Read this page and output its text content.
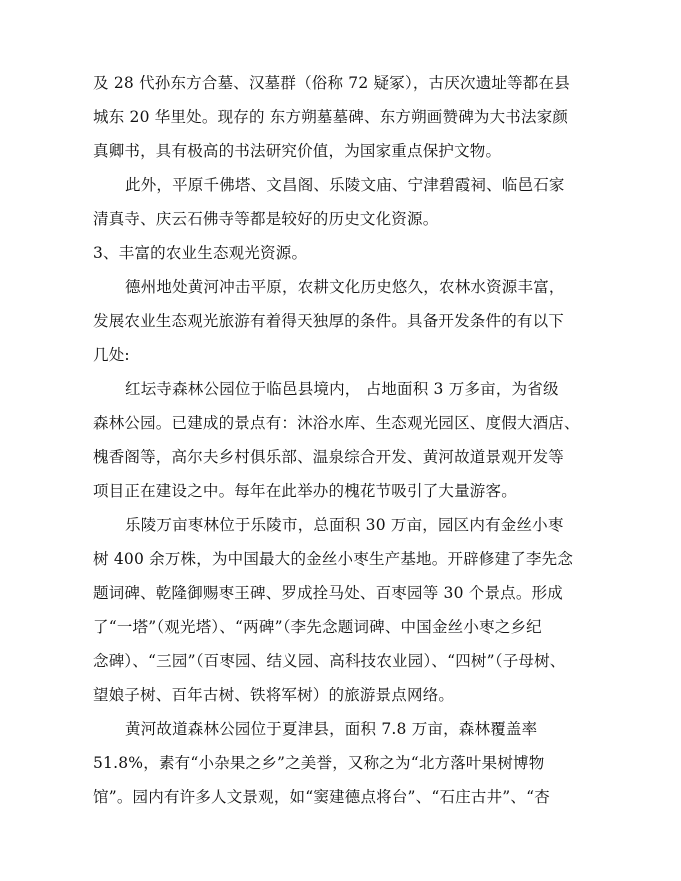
及 28 代孙东方合墓、汉墓群（俗称 72 疑冢），古厌次遗址等都在县
城东 20 华里处。现存的 东方朔墓墓碑、东方朔画赞碑为大书法家颜
真卿书，具有极高的书法研究价值，为国家重点保护文物。
此外，平原千佛塔、文昌阁、乐陵文庙、宁津碧霞祠、临邑石家
清真寺、庆云石佛寺等都是较好的历史文化资源。
3、丰富的农业生态观光资源。
德州地处黄河冲击平原，农耕文化历史悠久，农林水资源丰富，
发展农业生态观光旅游有着得天独厚的条件。具备开发条件的有以下
几处:
红坛寺森林公园位于临邑县境内， 占地面积 3 万多亩，为省级
森林公园。已建成的景点有：沐浴水库、生态观光园区、度假大酒店、
槐香阁等，高尔夫乡村俱乐部、温泉综合开发、黄河故道景观开发等
项目正在建设之中。每年在此举办的槐花节吸引了大量游客。
乐陵万亩枣林位于乐陵市，总面积 30 万亩，园区内有金丝小枣
树 400 余万株，为中国最大的金丝小枣生产基地。开辟修建了李先念
题词碑、乾隆御赐枣王碑、罗成拴马处、百枣园等 30 个景点。形成
了“一塔”（观光塔）、“两碑”（李先念题词碑、中国金丝小枣之乡纪
念碑）、“三园”（百枣园、结义园、高科技农业园）、“四树”（子母树、
望娘子树、百年古树、铁将军树）的旅游景点网络。
黄河故道森林公园位于夏津县，面积 7.8 万亩，森林覆盖率
51.8%，素有“小杂果之乡”之美誉，又称之为“北方落叶果树博物
馆”。园内有许多人文景观，如“窦建德点将台”、“石庄古井”、“杏
